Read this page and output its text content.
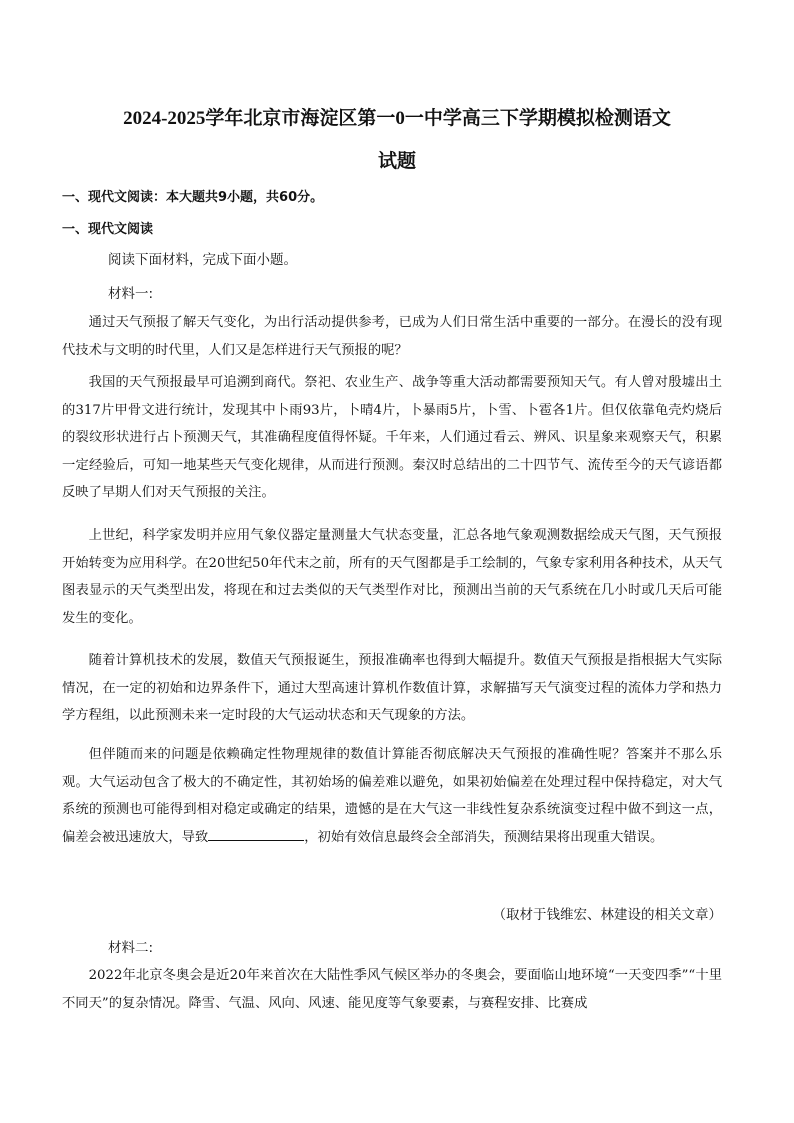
2024-2025学年北京市海淀区第一0一中学高三下学期模拟检测语文
试题
一、现代文阅读：本大题共9小题，共60分。
一、现代文阅读
阅读下面材料，完成下面小题。
材料一:

通过天气预报了解天气变化，为出行活动提供参考，已成为人们日常生活中重要的一部分。在漫长的没有现代技术与文明的时代里，人们又是怎样进行天气预报的呢？

我国的天气预报最早可追溯到商代。祭祀、农业生产、战争等重大活动都需要预知天气。有人曾对殷墟出土的317片甲骨文进行统计，发现其中卜雨93片，卜晴4片，卜暴雨5片，卜雪、卜雹各1片。但仅依靠龟壳灼烧后的裂纹形状进行占卜预测天气，其准确程度值得怀疑。千年来，人们通过看云、辨风、识星象来观察天气，积累一定经验后，可知一地某些天气变化规律，从而进行预测。秦汉时总结出的二十四节气、流传至今的天气谚语都反映了早期人们对天气预报的关注。

上世纪，科学家发明并应用气象仪器定量测量大气状态变量，汇总各地气象观测数据绘成天气图，天气预报开始转变为应用科学。在20世纪50年代末之前，所有的天气图都是手工绘制的，气象专家利用各种技术，从天气图表显示的天气类型出发，将现在和过去类似的天气类型作对比，预测出当前的天气系统在几小时或几天后可能发生的变化。

随着计算机技术的发展，数值天气预报诞生，预报准确率也得到大幅提升。数值天气预报是指根据大气实际情况，在一定的初始和边界条件下，通过大型高速计算机作数值计算，求解描写天气演变过程的流体力学和热力学方程组，以此预测未来一定时段的大气运动状态和天气现象的方法。

但伴随而来的问题是依赖确定性物理规律的数值计算能否彻底解决天气预报的准确性呢？答案并不那么乐观。大气运动包含了极大的不确定性，其初始场的偏差难以避免，如果初始偏差在处理过程中保持稳定，对大气系统的预测也可能得到相对稳定或确定的结果，遗憾的是在大气这一非线性复杂系统演变过程中做不到这一点，偏差会被迅速放大，导致	，初始有效信息最终会全部消失，预测结果将出现重大错误。

（取材于钱维宏、林建设的相关文章）
材料二:

2022年北京冬奥会是近20年来首次在大陆性季风气候区举办的冬奥会，要面临山地环境“一天变四季”“十里不同天”的复杂情况。降雪、气温、风向、风速、能见度等气象要素，与赛程安排、比赛成
